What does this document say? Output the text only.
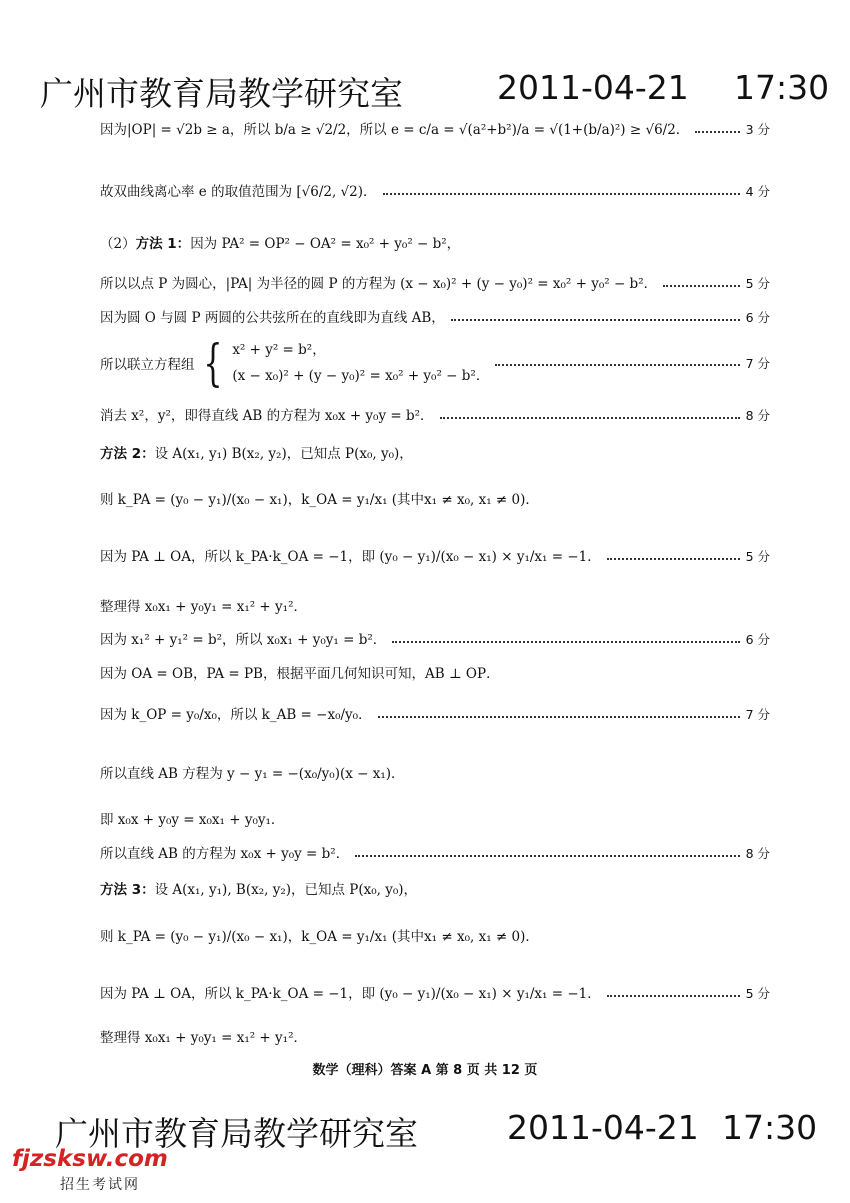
广州市教育局教学研究室	2011-04-21 17:30
因为|OP| = √2b ≥ a，所以 b/a ≥ √2/2，所以 e = c/a = √(a²+b²)/a = √(1+(b/a)²) ≥ √6/2．	3 分
故双曲线离心率 e 的取值范围为 [√6/2, √2)．	4 分
（2） 方法 1： 因为 PA² = OP² − OA² = x₀² + y₀² − b²，
所以以点 P 为圆心，|PA| 为半径的圆 P 的方程为 (x − x₀)² + (y − y₀)² = x₀² + y₀² − b²．	5 分
因为圆 O 与圆 P 两圆的公共弦所在的直线即为直线 AB，	6 分
所以联立方程组 { x² + y² = b²，
(x − x₀)² + (y − y₀)² = x₀² + y₀² − b²．
7 分
消去 x²，y²，即得直线 AB 的方程为 x₀x + y₀y = b²．	8 分
方法 2： 设 A(x₁, y₁) B(x₂, y₂)，已知点 P(x₀, y₀)，
则 k_PA = (y₀ − y₁)/(x₀ − x₁)，k_OA = y₁/x₁ (其中x₁ ≠ x₀, x₁ ≠ 0)．
因为 PA ⊥ OA，所以 k_PA·k_OA = −1，即 (y₀ − y₁)/(x₀ − x₁) × y₁/x₁ = −1．	5 分
整理得 x₀x₁ + y₀y₁ = x₁² + y₁²．
因为 x₁² + y₁² = b²，所以 x₀x₁ + y₀y₁ = b²．	6 分
因为 OA = OB，PA = PB，根据平面几何知识可知，AB ⊥ OP．
因为 k_OP = y₀/x₀，所以 k_AB = −x₀/y₀．	7 分
所以直线 AB 方程为 y − y₁ = −(x₀/y₀)(x − x₁)．
即 x₀x + y₀y = x₀x₁ + y₀y₁．
所以直线 AB 的方程为 x₀x + y₀y = b²．	8 分
方法 3： 设 A(x₁, y₁), B(x₂, y₂)，已知点 P(x₀, y₀)，
则 k_PA = (y₀ − y₁)/(x₀ − x₁)，k_OA = y₁/x₁ (其中x₁ ≠ x₀, x₁ ≠ 0)．
因为 PA ⊥ OA，所以 k_PA·k_OA = −1，即 (y₀ − y₁)/(x₀ − x₁) × y₁/x₁ = −1．	5 分
整理得 x₀x₁ + y₀y₁ = x₁² + y₁²．
数学（理科）答案 A 第 8 页 共 12 页
广州市教育局教学研究室	2011-04-21 17:30
fjzsksw.com
招生考试网
